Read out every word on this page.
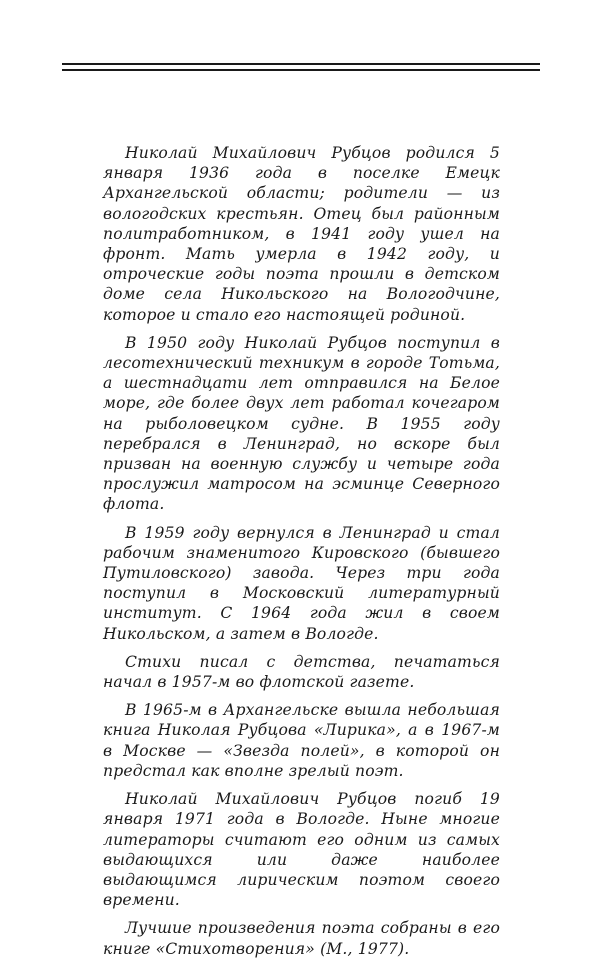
Николай Михайлович Рубцов родился 5 января 1936 года в поселке Емецк Архангельской области; родители — из вологодских крестьян. Отец был районным политработником, в 1941 году ушел на фронт. Мать умерла в 1942 году, и отроческие годы поэта прошли в детском доме села Никольского на Вологодчине, которое и стало его настоящей родиной.

В 1950 году Николай Рубцов поступил в лесотехнический техникум в городе Тотьма, а шестнадцати лет отправился на Белое море, где более двух лет работал кочегаром на рыболовецком судне. В 1955 году перебрался в Ленинград, но вскоре был призван на военную службу и четыре года прослужил матросом на эсминце Северного флота.

В 1959 году вернулся в Ленинград и стал рабочим знаменитого Кировского (бывшего Путиловского) завода. Через три года поступил в Московский литературный институт. С 1964 года жил в своем Никольском, а затем в Вологде.

Стихи писал с детства, печататься начал в 1957-м во флотской газете.

В 1965-м в Архангельске вышла небольшая книга Николая Рубцова «Лирика», а в 1967-м в Москве — «Звезда полей», в которой он предстал как вполне зрелый поэт.

Николай Михайлович Рубцов погиб 19 января 1971 года в Вологде. Ныне многие литераторы считают его одним из самых выдающихся или даже наиболее выдающимся лирическим поэтом своего времени.

Лучшие произведения поэта собраны в его книге «Стихотворения» (М., 1977).
